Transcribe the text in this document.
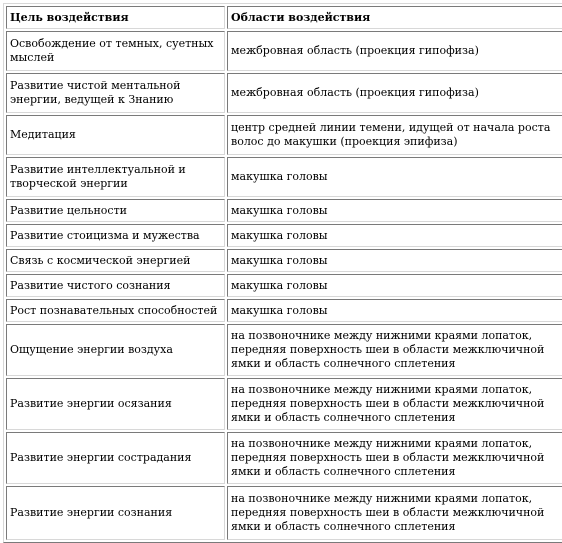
Цель воздействия	Области воздействия
Освобождение от темных, суетных мыслей	межбровная область (проекция гипофиза)
Развитие чистой ментальной энергии, ведущей к Знанию	межбровная область (проекция гипофиза)
Медитация	центр средней линии темени, идущей от начала роста волос до макушки (проекция эпифиза)
Развитие интеллектуальной и творческой энергии	макушка головы
Развитие цельности	макушка головы
Развитие стоицизма и мужества	макушка головы
Связь с космической энергией	макушка головы
Развитие чистого сознания	макушка головы
Рост познавательных способностей	макушка головы
Ощущение энергии воздуха	на позвоночнике между нижними краями лопаток, передняя поверхность шеи в области межключичной ямки и область солнечного сплетения
Развитие энергии осязания	на позвоночнике между нижними краями лопаток, передняя поверхность шеи в области межключичной ямки и область солнечного сплетения
Развитие энергии сострадания	на позвоночнике между нижними краями лопаток, передняя поверхность шеи в области межключичной ямки и область солнечного сплетения
Развитие энергии сознания	на позвоночнике между нижними краями лопаток, передняя поверхность шеи в области межключичной ямки и область солнечного сплетения
